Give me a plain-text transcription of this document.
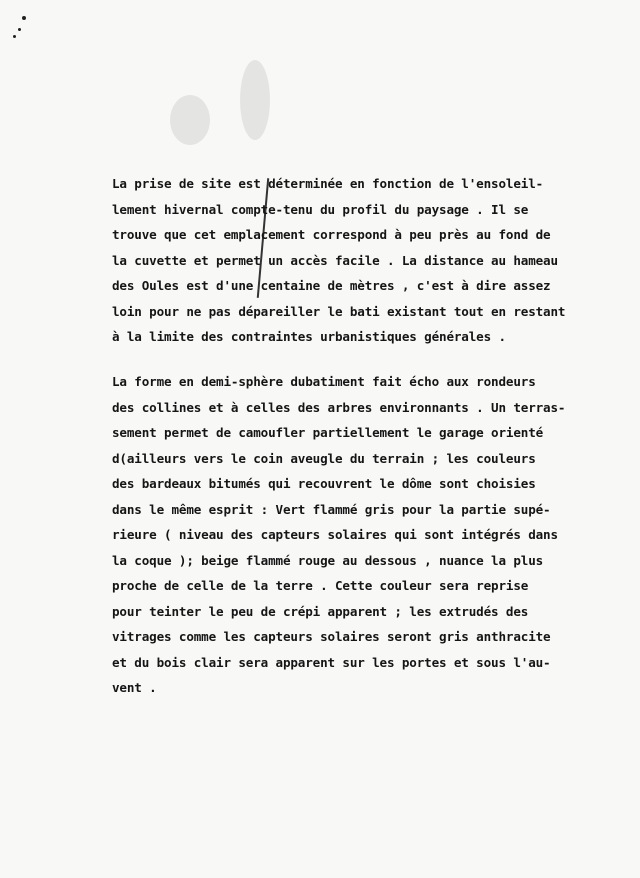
La prise de site est déterminée en fonction de l'ensoleil-
lement hivernal compte-tenu du profil du paysage . Il se
trouve que cet emplacement correspond à peu près au fond de
la cuvette et permet un accès facile . La distance au hameau
des Oules est d'une centaine de mètres , c'est à dire assez
loin pour ne pas dépareiller le bati existant tout en restant
à la limite des contraintes urbanistiques générales .

La forme en demi-sphère dubatiment fait écho aux rondeurs
des collines et à celles des arbres environnants . Un terras-
sement permet de camoufler partiellement le garage orienté
d(ailleurs vers le coin aveugle du terrain ; les couleurs
des bardeaux bitumés qui recouvrent le dôme sont choisies
dans le même esprit : Vert flammé gris pour la partie supé-
rieure ( niveau des capteurs solaires qui sont intégrés dans
la coque ); beige flammé rouge au dessous , nuance la plus
proche de celle de la terre . Cette couleur sera reprise
pour teinter le peu de crépi apparent ; les extrudés des
vitrages comme les capteurs solaires seront gris anthracite
et du bois clair sera apparent sur les portes et sous l'au-
vent .
